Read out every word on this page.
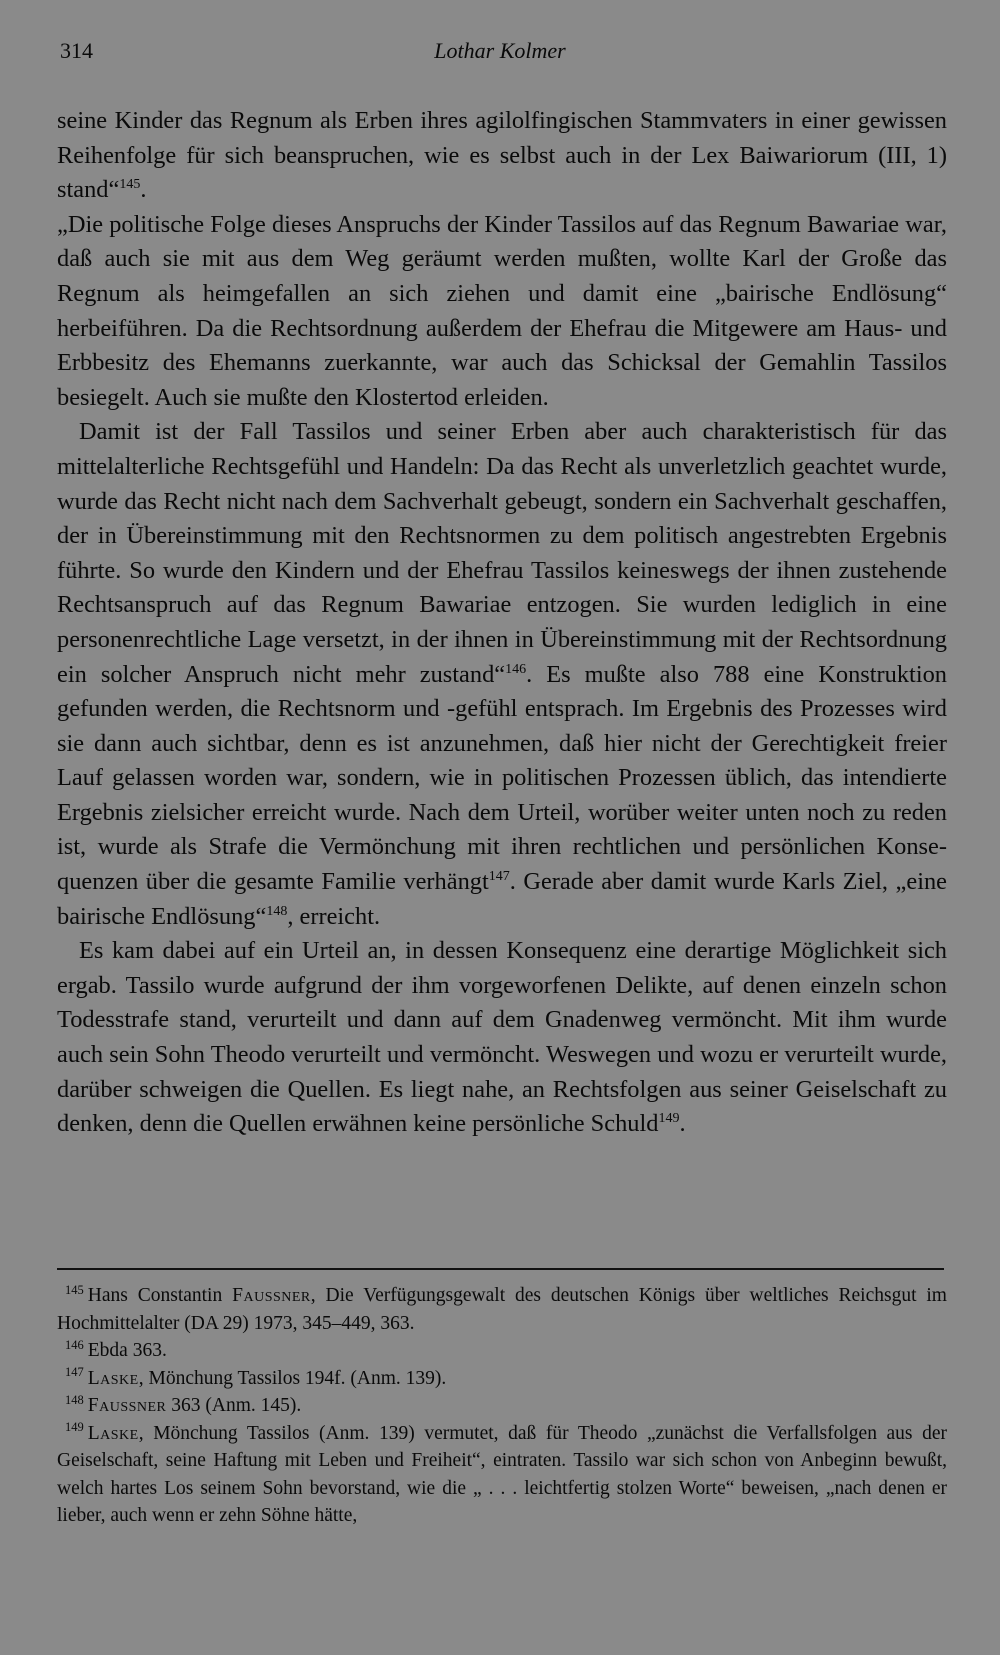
314	Lothar Kolmer

seine Kinder das Regnum als Erben ihres agilolfingischen Stammvaters in einer gewissen Reihenfolge für sich beanspruchen, wie es selbst auch in der Lex Baiwariorum (III, 1) stand“$^{145}$.

„Die politische Folge dieses Anspruchs der Kinder Tassilos auf das Regnum Bawariae war, daß auch sie mit aus dem Weg geräumt werden mußten, wollte Karl der Große das Regnum als heimgefallen an sich ziehen und damit eine „bairische Endlösung“ herbeiführen. Da die Rechtsordnung außerdem der Ehefrau die Mitgewere am Haus- und Erbbesitz des Ehemanns zuerkannte, war auch das Schicksal der Gemahlin Tassilos besiegelt. Auch sie mußte den Klostertod erleiden.

Damit ist der Fall Tassilos und seiner Erben aber auch charakteristisch für das mittelalterliche Rechtsgefühl und Handeln: Da das Recht als unverletzlich geachtet wurde, wurde das Recht nicht nach dem Sachverhalt gebeugt, sondern ein Sachverhalt geschaffen, der in Übereinstimmung mit den Rechtsnormen zu dem politisch angestrebten Ergebnis führte. So wurde den Kindern und der Ehefrau Tassilos keineswegs der ihnen zustehende Rechtsanspruch auf das Regnum Bawariae entzogen. Sie wurden lediglich in eine personenrechtliche Lage versetzt, in der ihnen in Übereinstimmung mit der Rechtsordnung ein solcher Anspruch nicht mehr zustand“$^{146}$. Es mußte also 788 eine Konstruktion gefunden werden, die Rechtsnorm und -gefühl entsprach. Im Ergebnis des Prozesses wird sie dann auch sichtbar, denn es ist anzunehmen, daß hier nicht der Gerechtigkeit freier Lauf gelassen worden war, sondern, wie in politischen Prozessen üblich, das intendierte Ergebnis zielsicher erreicht wurde. Nach dem Urteil, worüber weiter unten noch zu reden ist, wurde als Strafe die Vermönchung mit ihren rechtlichen und persönlichen Konsequenzen über die gesamte Familie verhängt$^{147}$. Gerade aber damit wurde Karls Ziel, „eine bairische Endlösung“$^{148}$, erreicht.

Es kam dabei auf ein Urteil an, in dessen Konsequenz eine derartige Möglichkeit sich ergab. Tassilo wurde aufgrund der ihm vorgeworfenen Delikte, auf denen einzeln schon Todesstrafe stand, verurteilt und dann auf dem Gnadenweg vermöncht. Mit ihm wurde auch sein Sohn Theodo verurteilt und vermöncht. Weswegen und wozu er verurteilt wurde, darüber schweigen die Quellen. Es liegt nahe, an Rechtsfolgen aus seiner Geiselschaft zu denken, denn die Quellen erwähnen keine persönliche Schuld$^{149}$.

$^{145}$ Hans Constantin Faussner, Die Verfügungsgewalt des deutschen Königs über weltliches Reichsgut im Hochmittelalter (DA 29) 1973, 345–449, 363.

$^{146}$ Ebda 363.

$^{147}$ Laske, Mönchung Tassilos 194f. (Anm. 139).

$^{148}$ Faussner 363 (Anm. 145).

$^{149}$ Laske, Mönchung Tassilos (Anm. 139) vermutet, daß für Theodo „zunächst die Verfallsfolgen aus der Geiselschaft, seine Haftung mit Leben und Freiheit“, eintraten. Tassilo war sich schon von Anbeginn bewußt, welch hartes Los seinem Sohn bevorstand, wie die „ . . . leichtfertig stolzen Worte“ beweisen, „nach denen er lieber, auch wenn er zehn Söhne hätte,
